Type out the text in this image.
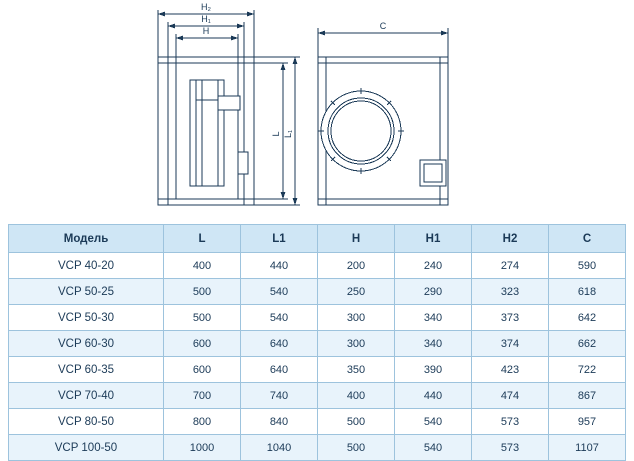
H₂
H₁
H
L₁
L
C
Модель	L	L1	H	H1	H2	C
VCP 40-20	400	440	200	240	274	590
VCP 50-25	500	540	250	290	323	618
VCP 50-30	500	540	300	340	373	642
VCP 60-30	600	640	300	340	374	662
VCP 60-35	600	640	350	390	423	722
VCP 70-40	700	740	400	440	474	867
VCP 80-50	800	840	500	540	573	957
VCP 100-50	1000	1040	500	540	573	1107
